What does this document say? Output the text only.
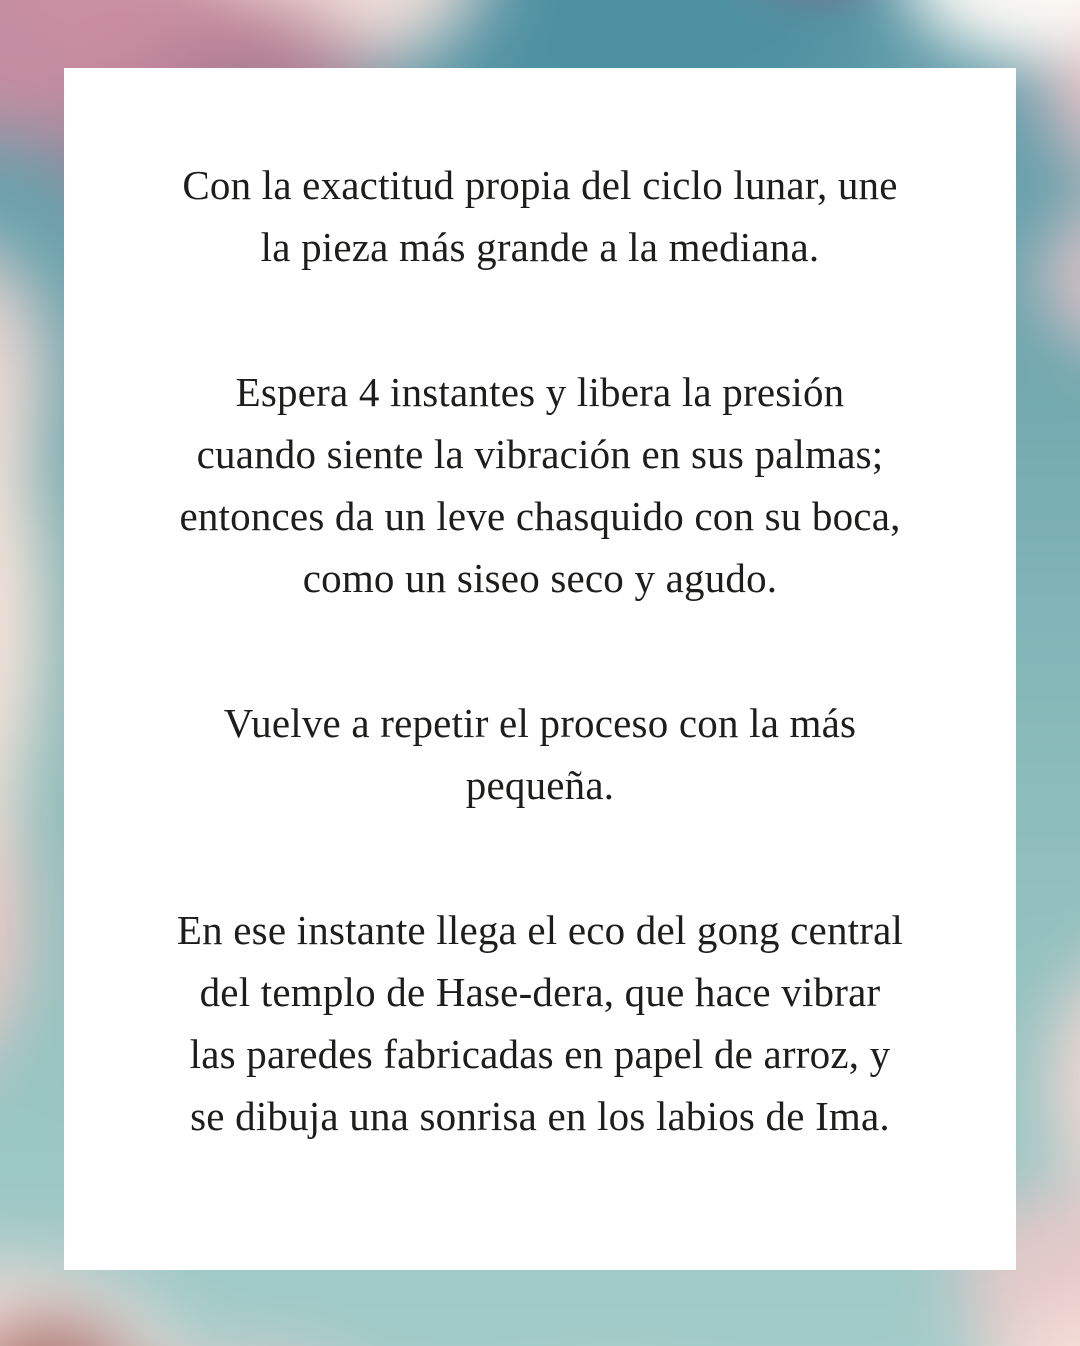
Con la exactitud propia del ciclo lunar, une
la pieza más grande a la mediana.

Espera 4 instantes y libera la presión
cuando siente la vibración en sus palmas;
entonces da un leve chasquido con su boca,
como un siseo seco y agudo.

Vuelve a repetir el proceso con la más
pequeña.

En ese instante llega el eco del gong central
del templo de Hase-dera, que hace vibrar
las paredes fabricadas en papel de arroz, y
se dibuja una sonrisa en los labios de Ima.
